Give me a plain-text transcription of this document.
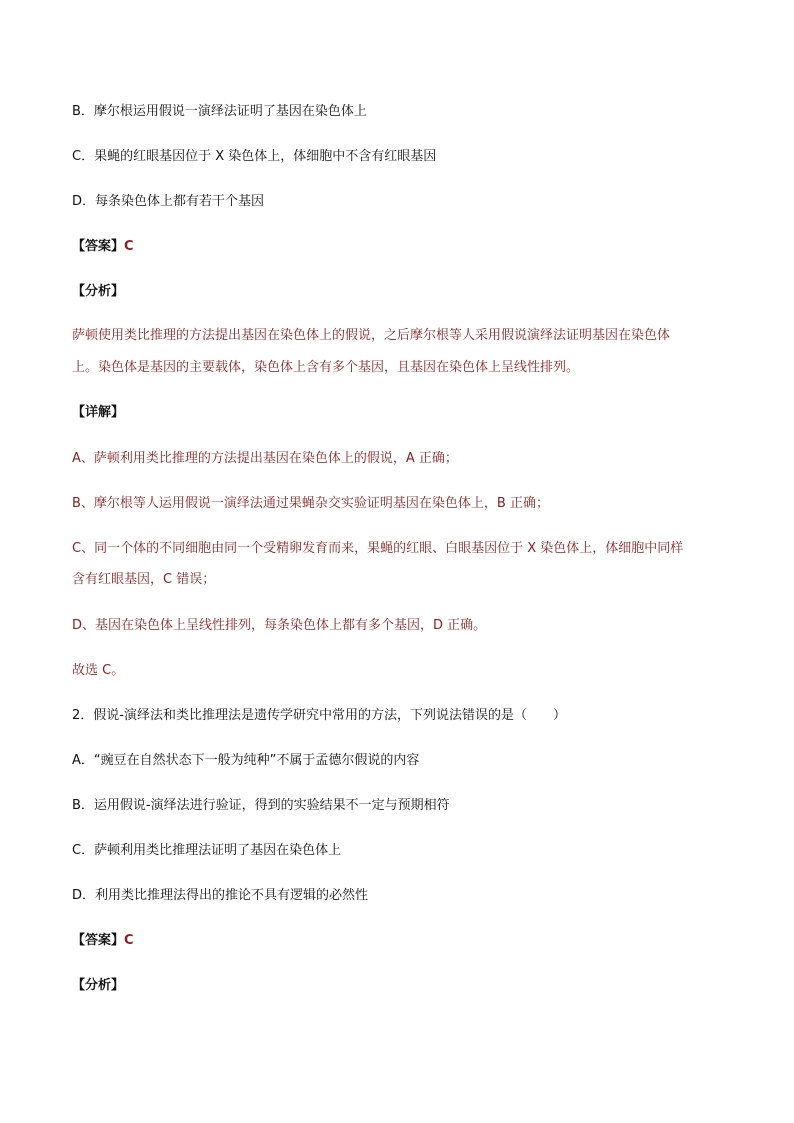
B．摩尔根运用假说一演绎法证明了基因在染色体上

C．果蝇的红眼基因位于 X 染色体上，体细胞中不含有红眼基因

D．每条染色体上都有若干个基因

【答案】C

【分析】

萨顿使用类比推理的方法提出基因在染色体上的假说，之后摩尔根等人采用假说演绎法证明基因在染色体

上。染色体是基因的主要载体，染色体上含有多个基因，且基因在染色体上呈线性排列。

【详解】

A、萨顿利用类比推理的方法提出基因在染色体上的假说，A 正确；

B、摩尔根等人运用假说一演绎法通过果蝇杂交实验证明基因在染色体上，B 正确；

C、同一个体的不同细胞由同一个受精卵发育而来，果蝇的红眼、白眼基因位于 X 染色体上，体细胞中同样

含有红眼基因，C 错误；

D、基因在染色体上呈线性排列，每条染色体上都有多个基因，D 正确。

故选 C。

2．假说-演绎法和类比推理法是遗传学研究中常用的方法，下列说法错误的是（　　）

A．“豌豆在自然状态下一般为纯种”不属于孟德尔假说的内容

B．运用假说-演绎法进行验证，得到的实验结果不一定与预期相符

C．萨顿利用类比推理法证明了基因在染色体上

D．利用类比推理法得出的推论不具有逻辑的必然性

【答案】C

【分析】
